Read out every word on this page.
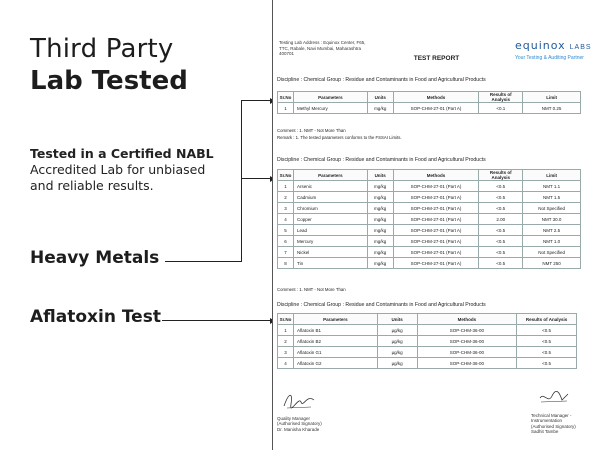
Third Party
Lab Tested
Tested in a Certified NABL
Accredited Lab for unbiased
and reliable results.
Heavy Metals
Aflatoxin Test
Testing Lab Address : Equinox Center, F65,
TTC, Rabale, Navi Mumbai, Maharashtra
400701
equinox LABS
Your Testing & Auditing Partner
TEST REPORT
Discipline : Chemical Group : Residue and Contaminants in Food and Agricultural Products
Sr.No	Parameters	Units	Methods	Results of Analysis	Limit
1	Methyl Mercury	mg/kg	SOP-CHM-27-01 (Part A)	<0.1	NMT 0.25
Comment : 1. NMT - Not More Than
Remark : 1. The tested parameters conforms to the FSSAI Limits.
Discipline : Chemical Group : Residue and Contaminants in Food and Agricultural Products
Sr.No	Parameters	Units	Methods	Results of Analysis	Limit
1	Arsenic	mg/kg	SOP-CHM-27-01 (Part A)	<0.5	NMT 1.1
2	Cadmium	mg/kg	SOP-CHM-27-01 (Part A)	<0.5	NMT 1.5
3	Chromium	mg/kg	SOP-CHM-27-01 (Part A)	<0.5	Not Specified
4	Copper	mg/kg	SOP-CHM-27-01 (Part A)	2.00	NMT 30.0
5	Lead	mg/kg	SOP-CHM-27-01 (Part A)	<0.5	NMT 2.5
6	Mercury	mg/kg	SOP-CHM-27-01 (Part A)	<0.5	NMT 1.0
7	Nickel	mg/kg	SOP-CHM-27-01 (Part A)	<0.5	Not Specified
8	Tin	mg/kg	SOP-CHM-27-01 (Part A)	<0.5	NMT 250
Comment : 1. NMT - Not More Than
Discipline : Chemical Group : Residue and Contaminants in Food and Agricultural Products
Sr.No	Parameters	Units	Methods	Results of Analysis
1	Aflatoxin B1	µg/kg	SOP-CHM-36-00	<0.5
2	Aflatoxin B2	µg/kg	SOP-CHM-36-00	<0.5
3	Aflatoxin G1	µg/kg	SOP-CHM-36-00	<0.5
4	Aflatoxin G2	µg/kg	SOP-CHM-36-00	<0.5
Quality Manager
(Authorised Signatory)
Dr. Manisha Kharade
Technical Manager -
Instrumentation
(Authorised Signatory)
Sadhit Tambe
